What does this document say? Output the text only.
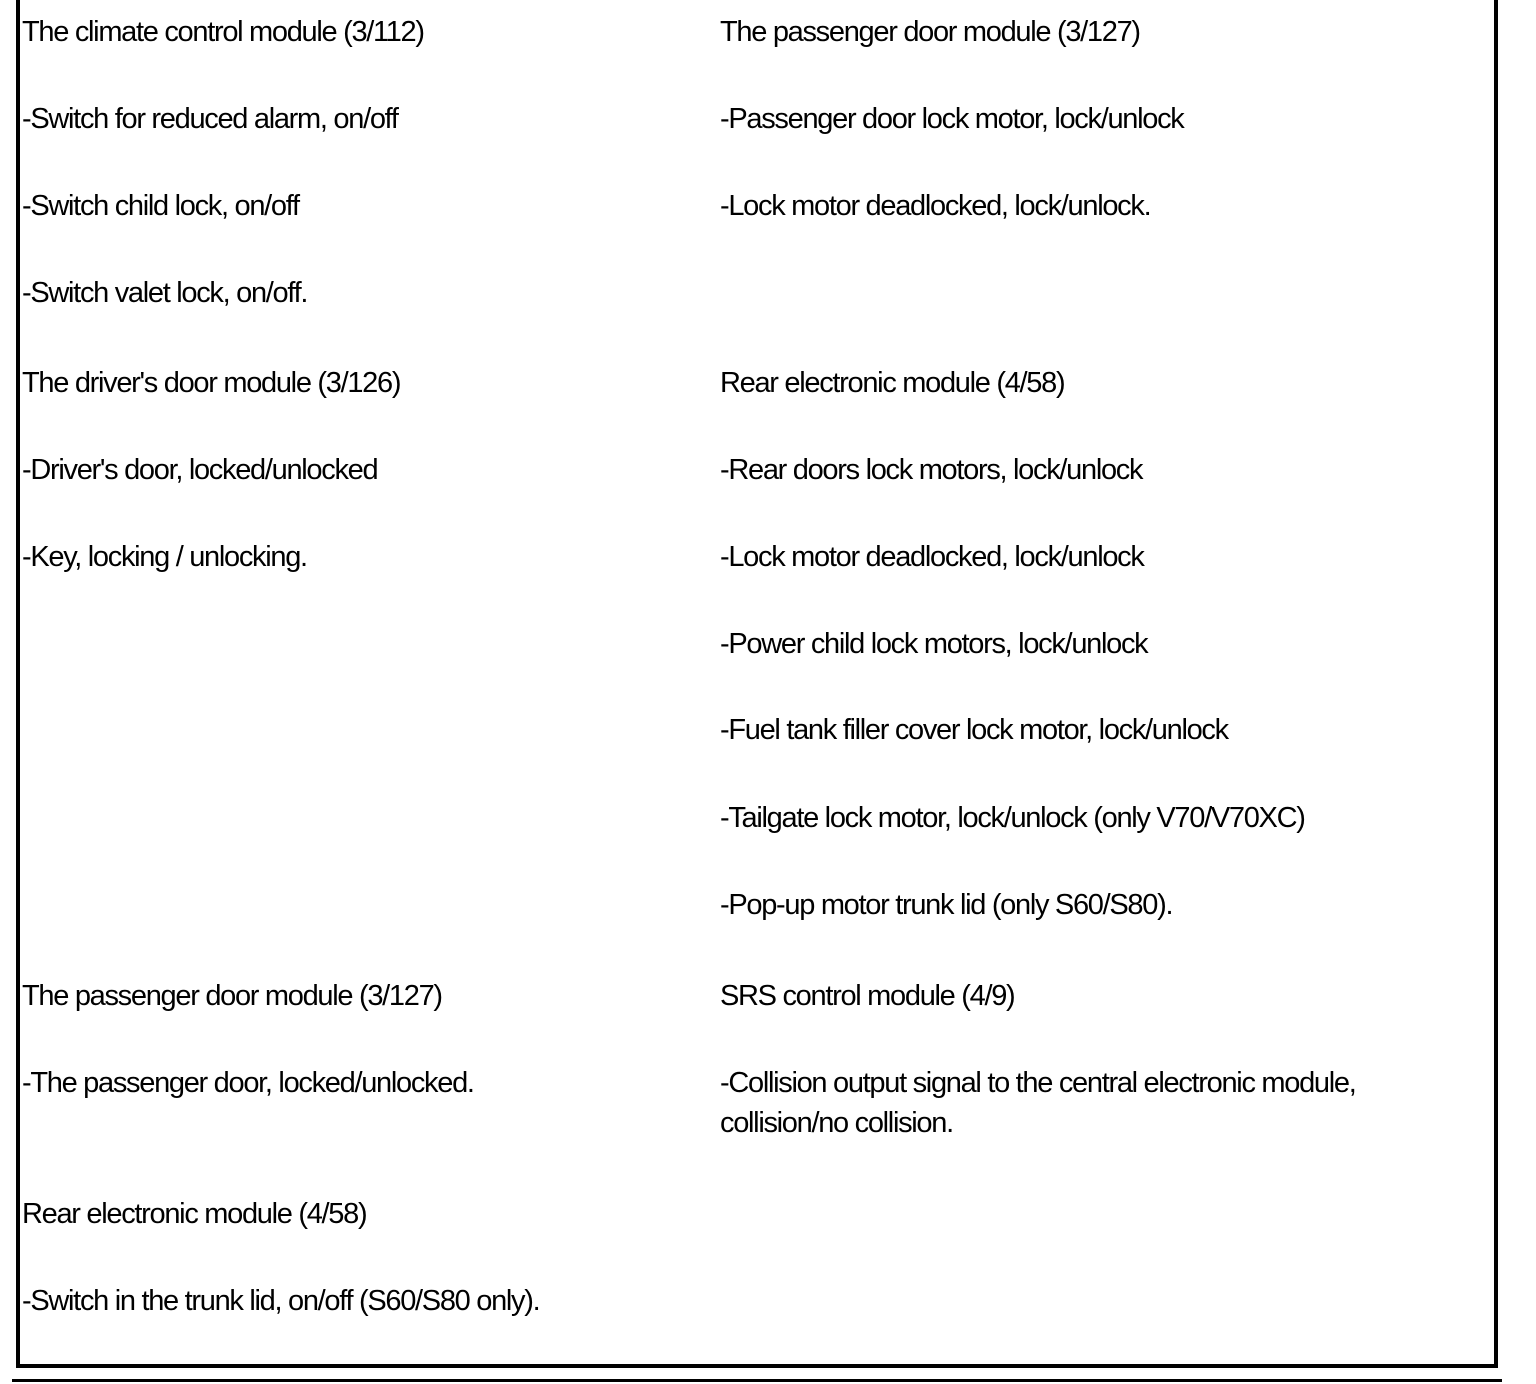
The climate control module (3/112)
-Switch for reduced alarm, on/off
-Switch child lock, on/off
-Switch valet lock, on/off.
The driver's door module (3/126)
-Driver's door, locked/unlocked
-Key, locking / unlocking.
The passenger door module (3/127)
-The passenger door, locked/unlocked.
Rear electronic module (4/58)
-Switch in the trunk lid, on/off (S60/S80 only).
The passenger door module (3/127)
-Passenger door lock motor, lock/unlock
-Lock motor deadlocked, lock/unlock.
Rear electronic module (4/58)
-Rear doors lock motors, lock/unlock
-Lock motor deadlocked, lock/unlock
-Power child lock motors, lock/unlock
-Fuel tank filler cover lock motor, lock/unlock
-Tailgate lock motor, lock/unlock (only V70/V70XC)
-Pop-up motor trunk lid (only S60/S80).
SRS control module (4/9)
-Collision output signal to the central electronic module, collision/no collision.
